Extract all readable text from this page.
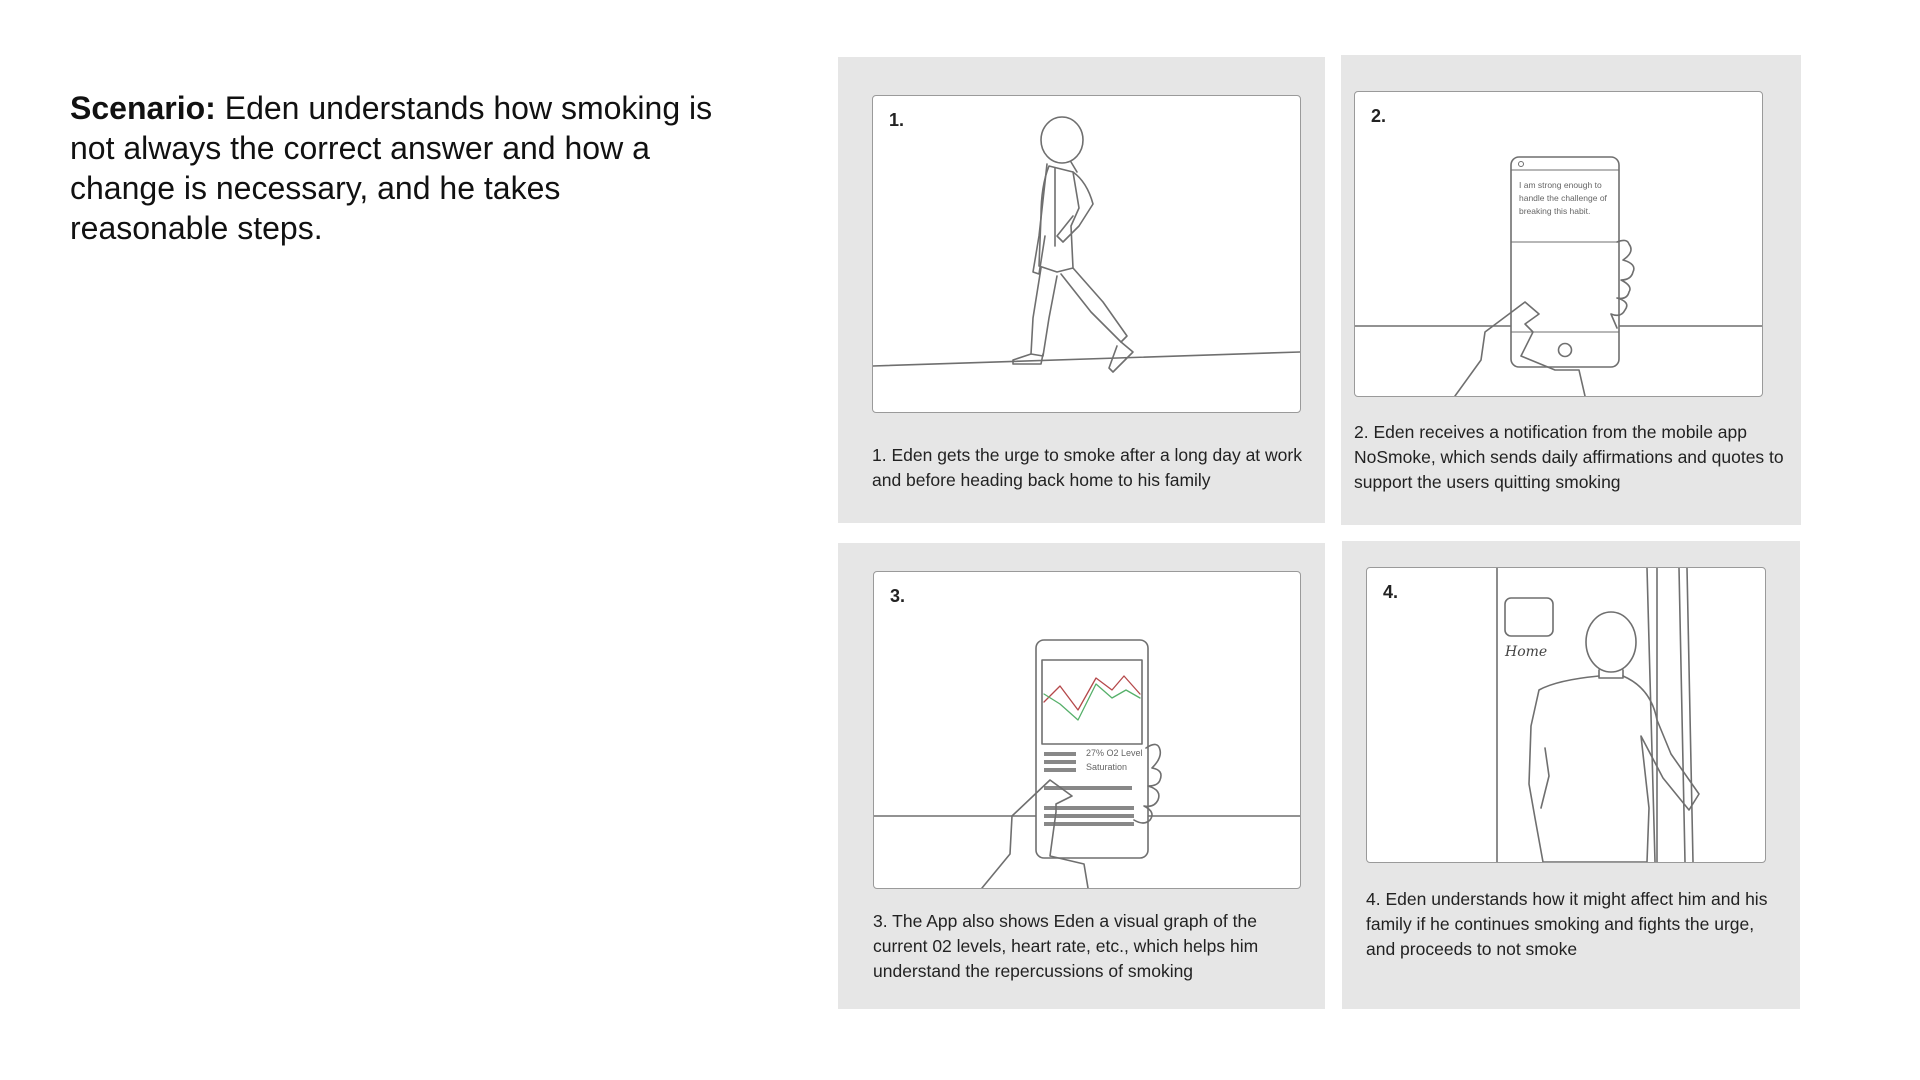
Scenario: Eden understands how smoking is not always the correct answer and how a change is necessary, and he takes reasonable steps.
1.
1. Eden gets the urge to smoke after a long day at work and before heading back home to his family
I am strong enough to
handle the challenge of
breaking this habit.
2.
2. Eden receives a notification from the mobile app NoSmoke, which sends daily affirmations and quotes to support the users quitting smoking
27% O2 Level
Saturation
3.
3. The App also shows Eden a visual graph of the current 02 levels, heart rate, etc., which helps him understand the repercussions of smoking
Home
4.
4. Eden understands how it might affect him and his family if he continues smoking and fights the urge, and proceeds to not smoke
